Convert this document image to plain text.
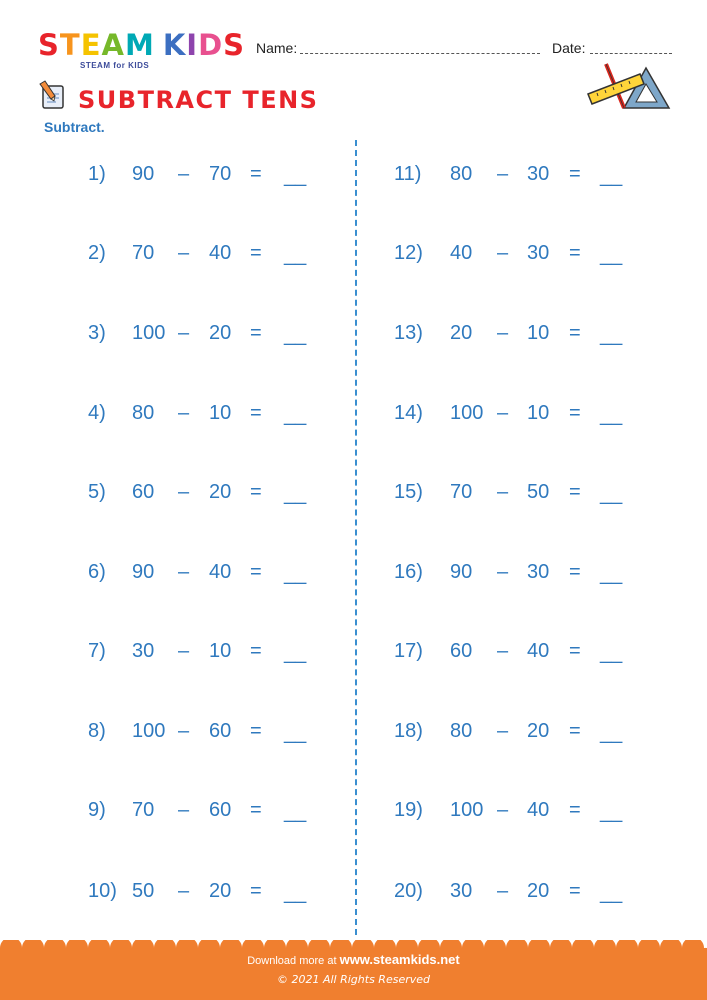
STEAM KIDS
STEAM for KIDS
Name:	Date:
SUBTRACT TENS
Subtract.
1) 90 – 70 = __
2) 70 – 40 = __
3) 100 – 20 = __
4) 80 – 10 = __
5) 60 – 20 = __
6) 90 – 40 = __
7) 30 – 10 = __
8) 100 – 60 = __
9) 70 – 60 = __
10) 50 – 20 = __
11) 80 – 30 = __
12) 40 – 30 = __
13) 20 – 10 = __
14) 100 – 10 = __
15) 70 – 50 = __
16) 90 – 30 = __
17) 60 – 40 = __
18) 80 – 20 = __
19) 100 – 40 = __
20) 30 – 20 = __
Download more at www.steamkids.net
© 2021 All Rights Reserved
